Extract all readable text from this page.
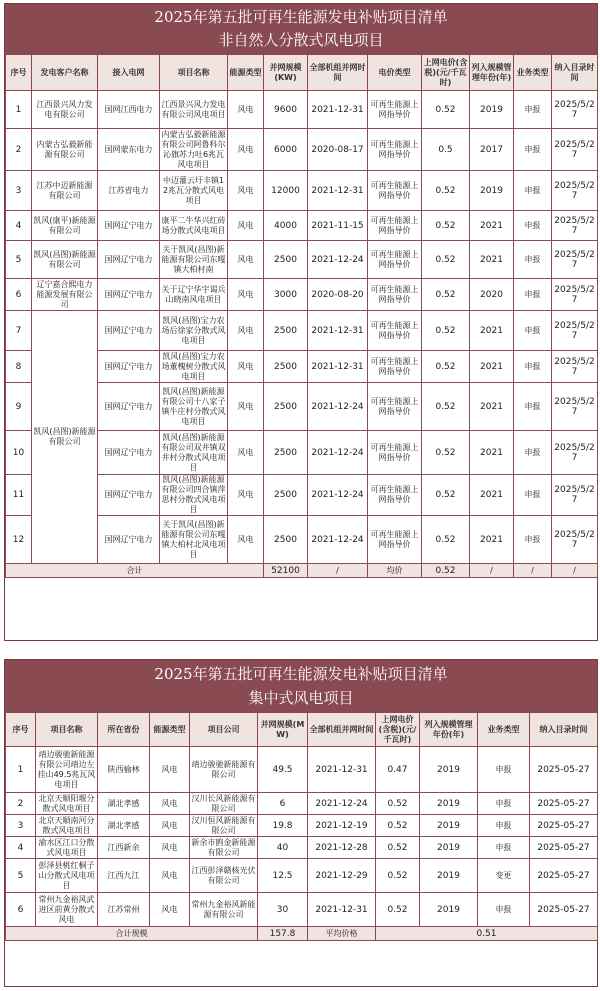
2025年第五批可再生能源发电补贴项目清单
非自然人分散式风电项目
序号	发电客户名称	接入电网	项目名称	能源类型	并网规模(KW)	全部机组并网时间	电价类型	上网电价(含税)(元/千瓦时)	列入规模管理年份(年)	业务类型	纳入目录时间
1	江西景兴风力发电有限公司	国网江西电力	江西景兴风力发电有限公司风电项目	风电	9600	2021-12-31	可再生能源上网指导价	0.52	2019	申报	2025/5/27
2	内蒙古弘毅新能源有限公司	国网蒙东电力	内蒙古弘毅新能源有限公司阿鲁科尔沁旗苏力吐6兆瓦风电项目	风电	6000	2020-08-17	可再生能源上网指导价	0.5	2017	申报	2025/5/27
3	江苏中迈新能源有限公司	江苏省电力	中迈灌云圩丰镇12兆瓦分散式风电项目	风电	12000	2021-12-31	可再生能源上网指导价	0.52	2019	申报	2025/5/27
4	凯风(康平)新能源有限公司	国网辽宁电力	康平二牛华兴红砖场分散式风电项目	风电	4000	2021-11-15	可再生能源上网指导价	0.52	2021	申报	2025/5/27
5	凯风(昌图)新能源有限公司	国网辽宁电力	关于凯风(昌图)新能源有限公司东嘎镇大柏村南	风电	2500	2021-12-24	可再生能源上网指导价	0.52	2021	申报	2025/5/27
6	辽宁嘉合熙电力能源发展有限公司	国网辽宁电力	关于辽宁华宇谒兵山晓南风电项目	风电	3000	2020-08-20	可再生能源上网指导价	0.52	2020	申报	2025/5/27
7	凯风(昌图)新能源有限公司	国网辽宁电力	凯风(昌图)宝力农场后徐家分散式风电项目	风电	2500	2021-12-31	可再生能源上网指导价	0.52	2021	申报	2025/5/27
8		国网辽宁电力	凯风(昌图)宝力农场董槐树分散式风电项目	风电	2500	2021-12-31	可再生能源上网指导价	0.52	2021	申报	2025/5/27
9		国网辽宁电力	凯风(昌图)新能源有限公司十八家子镇牛庄村分散式风电项目	风电	2500	2021-12-24	可再生能源上网指导价	0.52	2021	申报	2025/5/27
10		国网辽宁电力	凯风(昌图)新能源有限公司双井镇双井村分散式风电项目	风电	2500	2021-12-24	可再生能源上网指导价	0.52	2021	申报	2025/5/27
11		国网辽宁电力	凯风(昌图)新能源有限公司四合镇萍思村分散式风电项目	风电	2500	2021-12-24	可再生能源上网指导价	0.52	2021	申报	2025/5/27
12		国网辽宁电力	关于凯风(昌图)新能源有限公司东嘎镇大柏村北风电项目	风电	2500	2021-12-24	可再生能源上网指导价	0.52	2021	申报	2025/5/27
合计					52100	/	均价	0.52	/	/	/
2025年第五批可再生能源发电补贴项目清单
集中式风电项目
序号	项目名称	所在省份	能源类型	项目公司	并网规模(MW)	全部机组并网时间	上网电价(含税)(元/千瓦时)	列入规模管理年份(年)	业务类型	纳入目录时间
1	靖边骏驰新能源有限公司靖边左挂山49.5兆瓦风电项目	陕西榆林	风电	靖边骏驰新能源有限公司	49.5	2021-12-31	0.47	2019	申报	2025-05-27
2	北京天顺阳堰分散式风电项目	湖北孝感	风电	汉川长风新能源有限公司	6	2021-12-24	0.52	2019	申报	2025-05-27
3	北京天顺南河分散式风电项目	湖北孝感	风电	汉川恒风新能源有限公司	19.8	2021-12-19	0.52	2019	申报	2025-05-27
4	渝水区江口分散式风电项目	江西新余	风电	新余市鸥金新能源有限公司	40	2021-12-28	0.52	2019	申报	2025-05-27
5	彭泽县桃红桐子山分散式风电项目	江西九江	风电	江西彭泽赣核光伏有限公司	12.5	2021-12-29	0.52	2019	变更	2025-05-27
6	常州九金裕风武进区前黄分散式风电	江苏常州	风电	常州九金裕风新能源有限公司	30	2021-12-31	0.52	2019	申报	2025-05-27
合计规模					157.8	平均价格	0.51			
